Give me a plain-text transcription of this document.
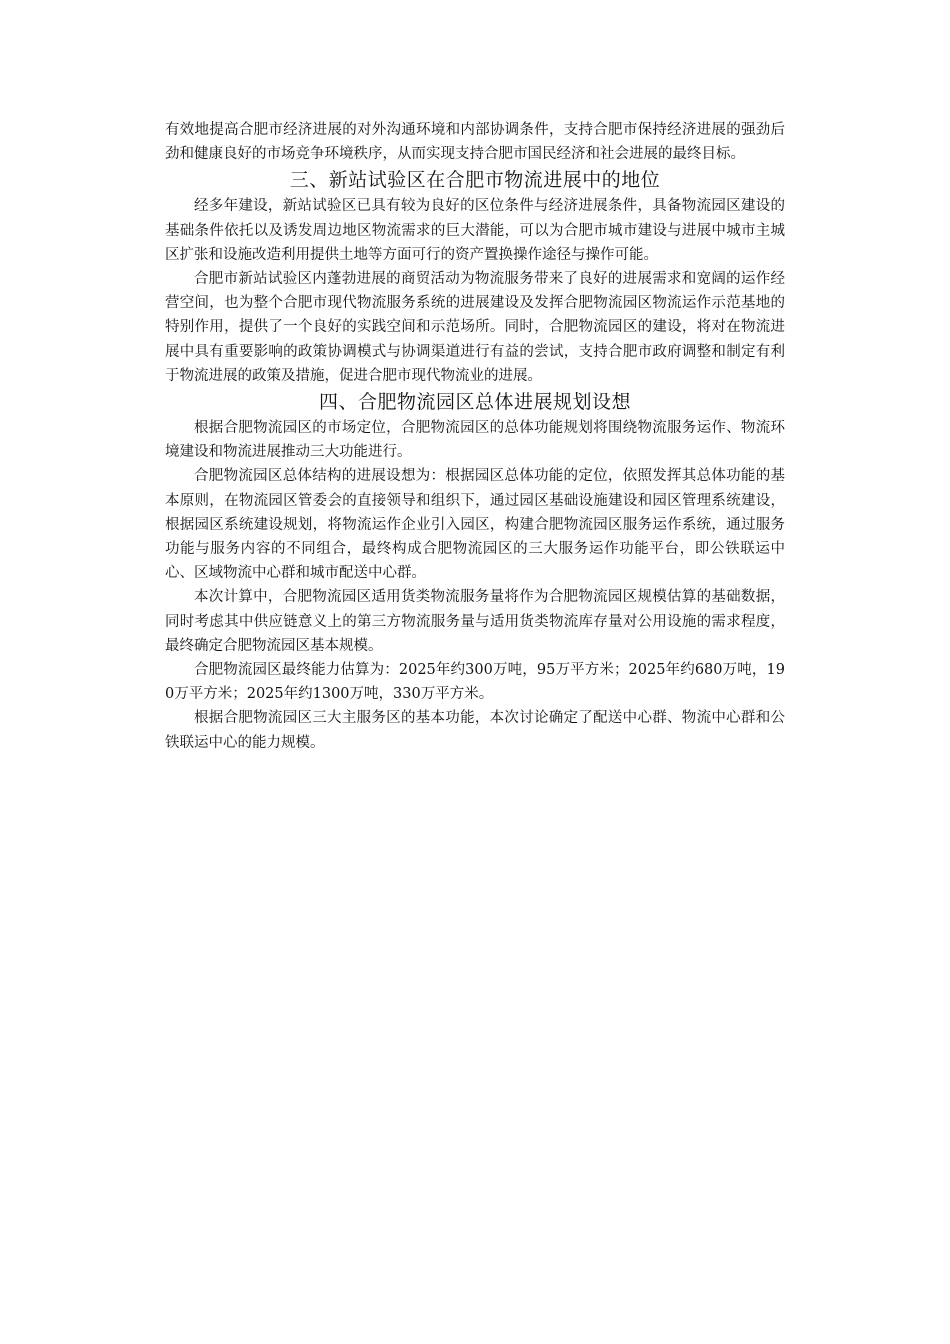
有效地提高合肥市经济进展的对外沟通环境和内部协调条件，支持合肥市保持经济进展的强劲后劲和健康良好的市场竞争环境秩序，从而实现支持合肥市国民经济和社会进展的最终目标。

三、新站试验区在合肥市物流进展中的地位

经多年建设，新站试验区已具有较为良好的区位条件与经济进展条件，具备物流园区建设的基础条件依托以及诱发周边地区物流需求的巨大潜能，可以为合肥市城市建设与进展中城市主城区扩张和设施改造利用提供土地等方面可行的资产置换操作途径与操作可能。

合肥市新站试验区内蓬勃进展的商贸活动为物流服务带来了良好的进展需求和宽阔的运作经营空间，也为整个合肥市现代物流服务系统的进展建设及发挥合肥物流园区物流运作示范基地的特别作用，提供了一个良好的实践空间和示范场所。同时，合肥物流园区的建设，将对在物流进展中具有重要影响的政策协调模式与协调渠道进行有益的尝试，支持合肥市政府调整和制定有利于物流进展的政策及措施，促进合肥市现代物流业的进展。

四、合肥物流园区总体进展规划设想

根据合肥物流园区的市场定位，合肥物流园区的总体功能规划将围绕物流服务运作、物流环境建设和物流进展推动三大功能进行。

合肥物流园区总体结构的进展设想为：根据园区总体功能的定位，依照发挥其总体功能的基本原则，在物流园区管委会的直接领导和组织下，通过园区基础设施建设和园区管理系统建设，根据园区系统建设规划，将物流运作企业引入园区，构建合肥物流园区服务运作系统，通过服务功能与服务内容的不同组合，最终构成合肥物流园区的三大服务运作功能平台，即公铁联运中心、区域物流中心群和城市配送中心群。

本次计算中，合肥物流园区适用货类物流服务量将作为合肥物流园区规模估算的基础数据，同时考虑其中供应链意义上的第三方物流服务量与适用货类物流库存量对公用设施的需求程度，最终确定合肥物流园区基本规模。

合肥物流园区最终能力估算为：2025年约300万吨，95万平方米；2025年约680万吨，190万平方米；2025年约1300万吨，330万平方米。

根据合肥物流园区三大主服务区的基本功能，本次讨论确定了配送中心群、物流中心群和公铁联运中心的能力规模。
